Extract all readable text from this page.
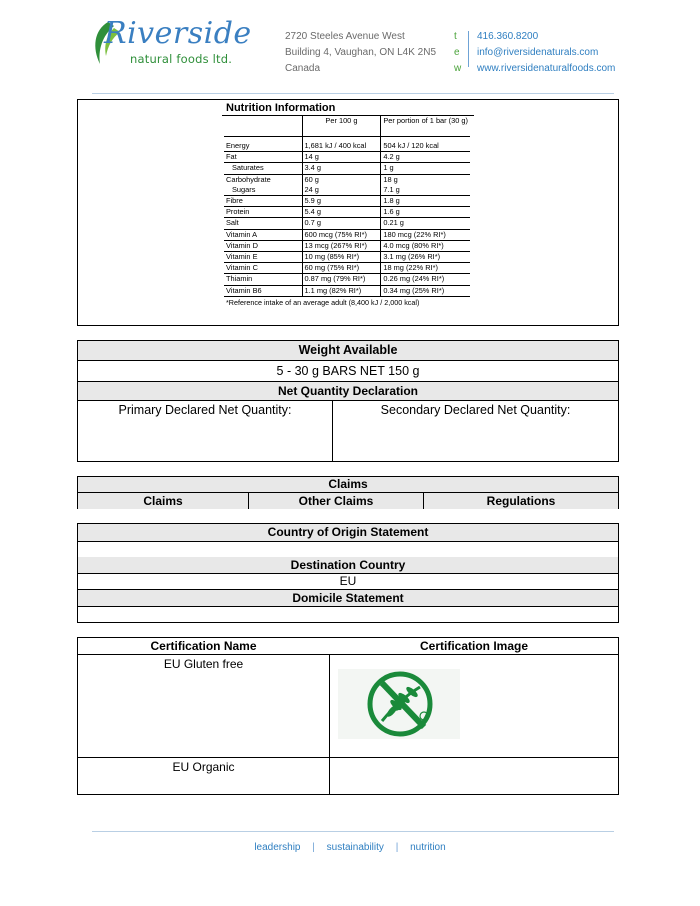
Riverside
natural foods ltd.
2720 Steeles Avenue West
Building 4, Vaughan, ON L4K 2N5
Canada
t
e
w
416.360.8200
info@riversidenaturals.com
www.riversidenaturalfoods.com
Nutrition Information
	Per 100 g	Per portion of 1 bar (30 g)

Energy	1,681 kJ / 400 kcal	504 kJ / 120 kcal
Fat	14 g	4.2 g
Saturates	3.4 g	1 g
Carbohydrate	60 g	18 g
Sugars	24 g	7.1 g
Fibre	5.9 g	1.8 g
Protein	5.4 g	1.6 g
Salt	0.7 g	0.21 g
Vitamin A	600 mcg (75% RI*)	180 mcg (22% RI*)
Vitamin D	13 mcg (267% RI*)	4.0 mcg (80% RI*)
Vitamin E	10 mg (85% RI*)	3.1 mg (26% RI*)
Vitamin C	60 mg (75% RI*)	18 mg (22% RI*)
Thiamin	0.87 mg (79% RI*)	0.26 mg (24% RI*)
Vitamin B6	1.1 mg (82% RI*)	0.34 mg (25% RI*)
*Reference intake of an average adult (8,400 kJ / 2,000 kcal)
Weight Available
5 - 30 g BARS NET 150 g
Net Quantity Declaration
Primary Declared Net Quantity:	Secondary Declared Net Quantity:
Claims
Claims	Other Claims	Regulations
Country of Origin Statement
Destination Country
EU
Domicile Statement
Certification Name	Certification Image
EU Gluten free
EU Organic
leadership | sustainability | nutrition
